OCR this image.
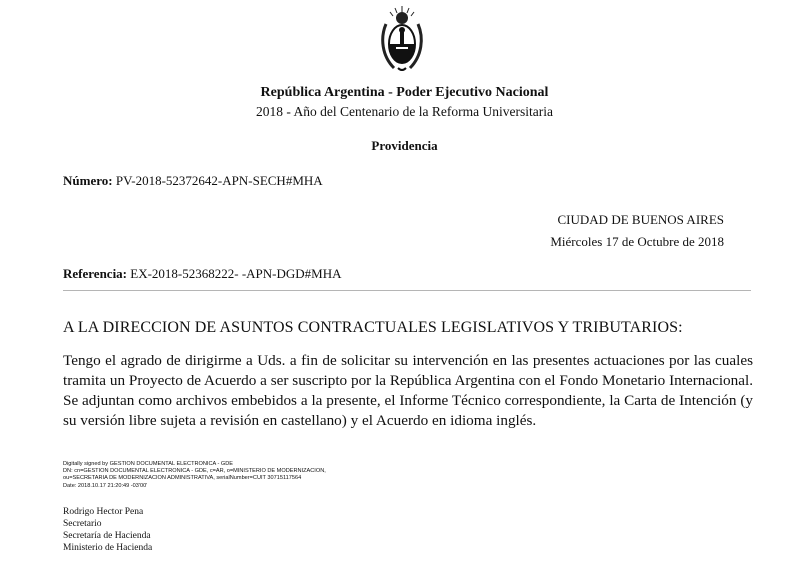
República Argentina - Poder Ejecutivo Nacional
2018 - Año del Centenario de la Reforma Universitaria
Providencia
Número: PV-2018-52372642-APN-SECH#MHA
CIUDAD DE BUENOS AIRES
Miércoles 17 de Octubre de 2018
Referencia: EX-2018-52368222- -APN-DGD#MHA
A LA DIRECCION DE ASUNTOS CONTRACTUALES LEGISLATIVOS Y TRIBUTARIOS:
Tengo el agrado de dirigirme a Uds. a fin de solicitar su intervención en las presentes actuaciones por las cuales tramita un Proyecto de Acuerdo a ser suscripto por la República Argentina con el Fondo Monetario Internacional. Se adjuntan como archivos embebidos a la presente, el Informe Técnico correspondiente, la Carta de Intención (y su versión libre sujeta a revisión en castellano) y el Acuerdo en idioma inglés.
Digitally signed by GESTION DOCUMENTAL ELECTRONICA - GDE
DN: cn=GESTION DOCUMENTAL ELECTRONICA - GDE, c=AR, o=MINISTERIO DE MODERNIZACION,
ou=SECRETARIA DE MODERNIZACION ADMINISTRATIVA, serialNumber=CUIT 30715117564
Date: 2018.10.17 21:20:49 -03'00'
Rodrigo Hector Pena
Secretario
Secretaría de Hacienda
Ministerio de Hacienda
